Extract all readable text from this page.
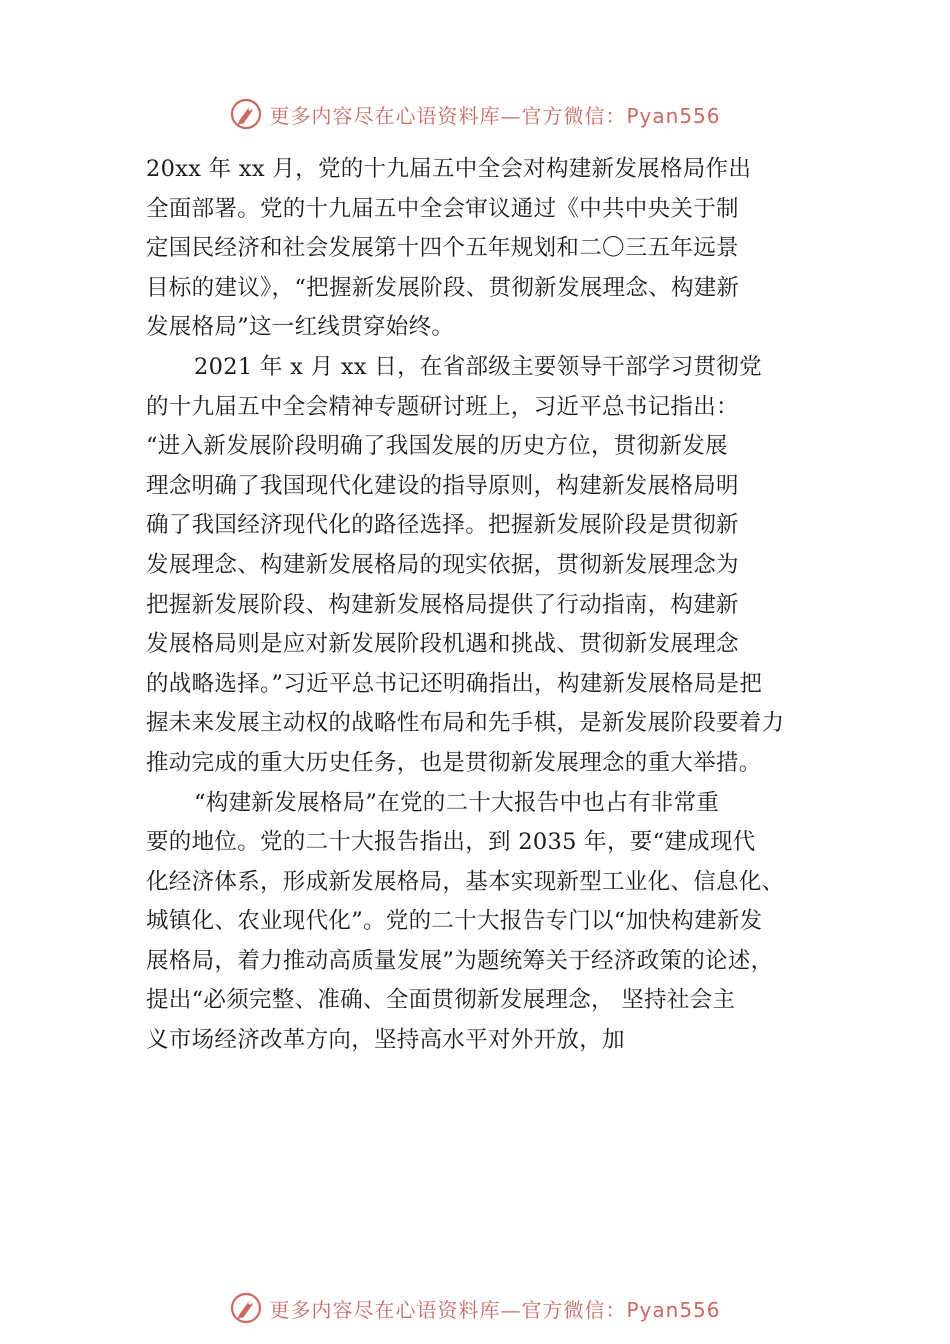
更多内容尽在心语资料库—官方微信：Pyan556
20xx 年 xx 月，党的十九届五中全会对构建新发展格局作出
全面部署。党的十九届五中全会审议通过《中共中央关于制
定国民经济和社会发展第十四个五年规划和二〇三五年远景
目标的建议》，“把握新发展阶段、贯彻新发展理念、构建新
发展格局”这一红线贯穿始终。
2021 年 x 月 xx 日，在省部级主要领导干部学习贯彻党
的十九届五中全会精神专题研讨班上，习近平总书记指出：
“进入新发展阶段明确了我国发展的历史方位，贯彻新发展
理念明确了我国现代化建设的指导原则，构建新发展格局明
确了我国经济现代化的路径选择。把握新发展阶段是贯彻新
发展理念、构建新发展格局的现实依据，贯彻新发展理念为
把握新发展阶段、构建新发展格局提供了行动指南，构建新
发展格局则是应对新发展阶段机遇和挑战、贯彻新发展理念
的战略选择。”习近平总书记还明确指出，构建新发展格局是把
握未来发展主动权的战略性布局和先手棋，是新发展阶段要着力
推动完成的重大历史任务，也是贯彻新发展理念的重大举措。
“构建新发展格局”在党的二十大报告中也占有非常重
要的地位。党的二十大报告指出，到 2035 年，要“建成现代
化经济体系，形成新发展格局，基本实现新型工业化、信息化、
城镇化、农业现代化”。党的二十大报告专门以“加快构建新发
展格局，着力推动高质量发展”为题统筹关于经济政策的论述，
提出“必须完整、准确、全面贯彻新发展理念， 坚持社会主
义市场经济改革方向，坚持高水平对外开放，加
更多内容尽在心语资料库—官方微信：Pyan556
